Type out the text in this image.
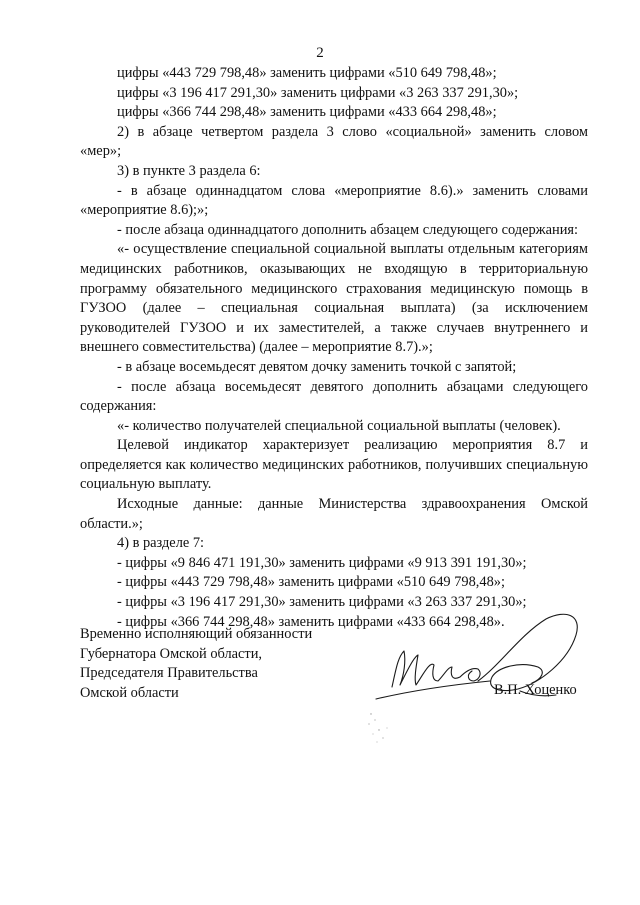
2

цифры «443 729 798,48» заменить цифрами «510 649 798,48»;

цифры «3 196 417 291,30» заменить цифрами «3 263 337 291,30»;

цифры «366 744 298,48» заменить цифрами «433 664 298,48»;

2) в абзаце четвертом раздела 3 слово «социальной» заменить словом «мер»;

3) в пункте 3 раздела 6:

- в абзаце одиннадцатом слова «мероприятие 8.6).» заменить словами «мероприятие 8.6);»;

- после абзаца одиннадцатого дополнить абзацем следующего содержания:

«- осуществление специальной социальной выплаты отдельным категориям медицинских работников, оказывающих не входящую в территориальную программу обязательного медицинского страхования медицинскую помощь в ГУЗОО (далее – специальная социальная выплата) (за исключением руководителей ГУЗОО и их заместителей, а также случаев внутреннего и внешнего совместительства) (далее – мероприятие 8.7).»;

- в абзаце восемьдесят девятом дочку заменить точкой с запятой;

- после абзаца восемьдесят девятого дополнить абзацами следующего содержания:

«- количество получателей специальной социальной выплаты (человек).

Целевой индикатор характеризует реализацию мероприятия 8.7 и определяется как количество медицинских работников, получивших специальную социальную выплату.

Исходные данные: данные Министерства здравоохранения Омской области.»;

4) в разделе 7:

- цифры «9 846 471 191,30» заменить цифрами «9 913 391 191,30»;

- цифры «443 729 798,48» заменить цифрами «510 649 798,48»;

- цифры «3 196 417 291,30» заменить цифрами «3 263 337 291,30»;

- цифры «366 744 298,48» заменить цифрами «433 664 298,48».

Временно исполняющий обязанности
Губернатора Омской области,
Председателя Правительства
Омской области	В.П. Хоценко
